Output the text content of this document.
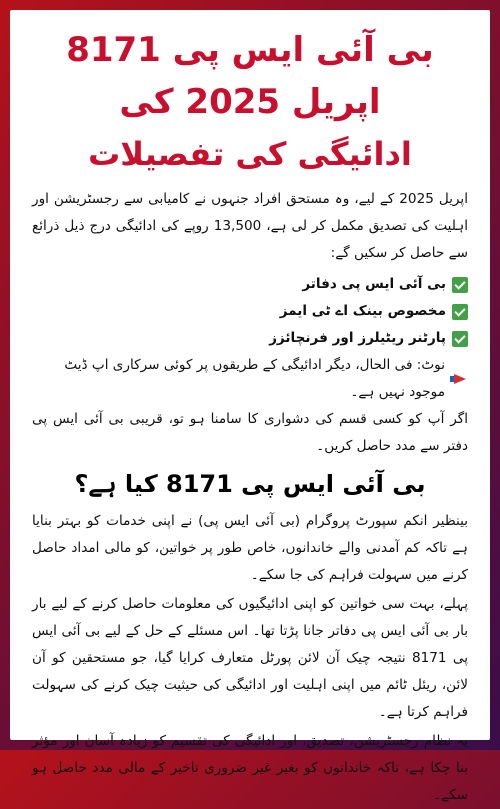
بی آئی ایس پی 8171 اپریل 2025 کی
ادائیگی کی تفصیلات

اپریل 2025 کے لیے، وہ مستحق افراد جنہوں نے کامیابی سے رجسٹریشن اور اہلیت کی تصدیق مکمل کر لی ہے، 13,500 روپے کی ادائیگی درج ذیل ذرائع سے حاصل کر سکیں گے:

بی آئی ایس پی دفاتر
مخصوص بینک اے ٹی ایمز
پارٹنر ریٹیلرز اور فرنچائزز
نوٹ: فی الحال، دیگر ادائیگی کے طریقوں پر کوئی سرکاری اپ ڈیٹ موجود نہیں ہے۔

اگر آپ کو کسی قسم کی دشواری کا سامنا ہو تو، قریبی بی آئی ایس پی دفتر سے مدد حاصل کریں۔

بی آئی ایس پی 8171 کیا ہے؟

بینظیر انکم سپورٹ پروگرام (بی آئی ایس پی) نے اپنی خدمات کو بہتر بنایا ہے تاکہ کم آمدنی والے خاندانوں، خاص طور پر خواتین، کو مالی امداد حاصل کرنے میں سہولت فراہم کی جا سکے۔

پہلے، بہت سی خواتین کو اپنی ادائیگیوں کی معلومات حاصل کرنے کے لیے بار بار بی آئی ایس پی دفاتر جانا پڑتا تھا۔ اس مسئلے کے حل کے لیے بی آئی ایس پی 8171 نتیجہ چیک آن لائن پورٹل متعارف کرایا گیا، جو مستحقین کو آن لائن، ریئل ٹائم میں اپنی اہلیت اور ادائیگی کی حیثیت چیک کرنے کی سہولت فراہم کرتا ہے۔

یہ نظام رجسٹریشن، تصدیق، اور ادائیگی کی تقسیم کو زیادہ آسان اور مؤثر بنا چکا ہے، تاکہ خاندانوں کو بغیر غیر ضروری تاخیر کے مالی مدد حاصل ہو سکے۔
